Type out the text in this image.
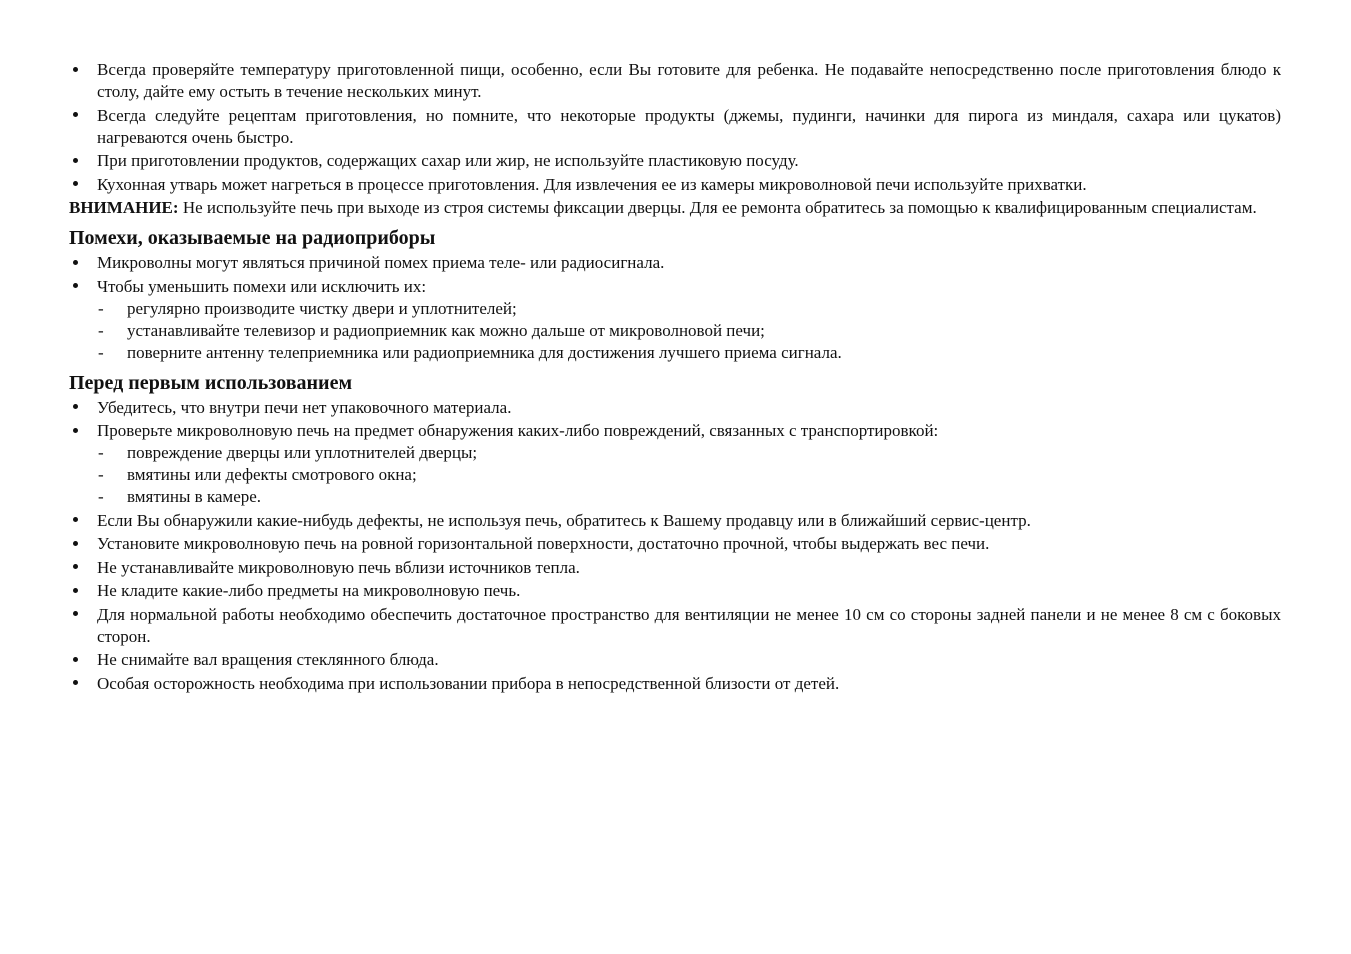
Всегда проверяйте температуру приготовленной пищи, особенно, если Вы готовите для ребенка. Не подавайте непосредственно после приготовления блюдо к столу, дайте ему остыть в течение нескольких минут.
Всегда следуйте рецептам приготовления, но помните, что некоторые продукты (джемы, пудинги, начинки для пирога из миндаля, сахара или цукатов) нагреваются очень быстро.
При приготовлении продуктов, содержащих сахар или жир, не используйте пластиковую посуду.
Кухонная утварь может нагреться в процессе приготовления. Для извлечения ее из камеры микроволновой печи используйте прихватки.

ВНИМАНИЕ: Не используйте печь при выходе из строя системы фиксации дверцы. Для ее ремонта обратитесь за помощью к квалифицированным специалистам.

Помехи, оказываемые на радиоприборы
Микроволны могут являться причиной помех приема теле- или радиосигнала.
Чтобы уменьшить помехи или исключить их:
- регулярно производите чистку двери и уплотнителей;
- устанавливайте телевизор и радиоприемник как можно дальше от микроволновой печи;
- поверните антенну телеприемника или радиоприемника для достижения лучшего приема сигнала.
Перед первым использованием
Убедитесь, что внутри печи нет упаковочного материала.
Проверьте микроволновую печь на предмет обнаружения каких-либо повреждений, связанных с транспортировкой:
- повреждение дверцы или уплотнителей дверцы;
- вмятины или дефекты смотрового окна;
- вмятины в камере.
Если Вы обнаружили какие-нибудь дефекты, не используя печь, обратитесь к Вашему продавцу или в ближайший сервис-центр.
Установите микроволновую печь на ровной горизонтальной поверхности, достаточно прочной, чтобы выдержать вес печи.
Не устанавливайте микроволновую печь вблизи источников тепла.
Не кладите какие-либо предметы на микроволновую печь.
Для нормальной работы необходимо обеспечить достаточное пространство для вентиляции не менее 10 см со стороны задней панели и не менее 8 см с боковых сторон.
Не снимайте вал вращения стеклянного блюда.
Особая осторожность необходима при использовании прибора в непосредственной близости от детей.
